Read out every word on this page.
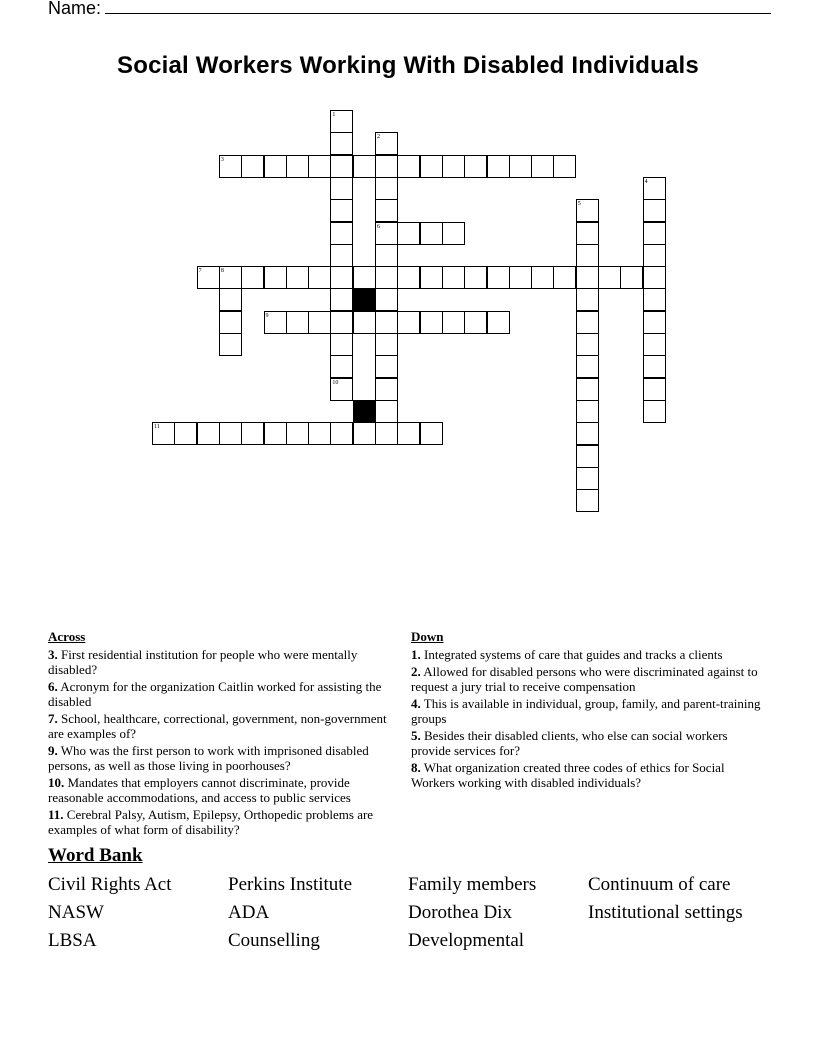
Name:
Social Workers Working With Disabled Individuals
1
2
3
4
5
6
7	8
9
10
11
Across
3. First residential institution for people who were mentally disabled?
6. Acronym for the organization Caitlin worked for assisting the disabled
7. School, healthcare, correctional, government, non-government are examples of?
9. Who was the first person to work with imprisoned disabled persons, as well as those living in poorhouses?
10. Mandates that employers cannot discriminate, provide reasonable accommodations, and access to public services
11. Cerebral Palsy, Autism, Epilepsy, Orthopedic problems are examples of what form of disability?
Down
1. Integrated systems of care that guides and tracks a clients
2. Allowed for disabled persons who were discriminated against to request a jury trial to receive compensation
4. This is available in individual, group, family, and parent-training groups
5. Besides their disabled clients, who else can social workers provide services for?
8. What organization created three codes of ethics for Social Workers working with disabled individuals?
Word Bank
Civil Rights Act	Perkins Institute	Family members	Continuum of care
NASW	ADA	Dorothea Dix	Institutional settings
LBSA	Counselling	Developmental
